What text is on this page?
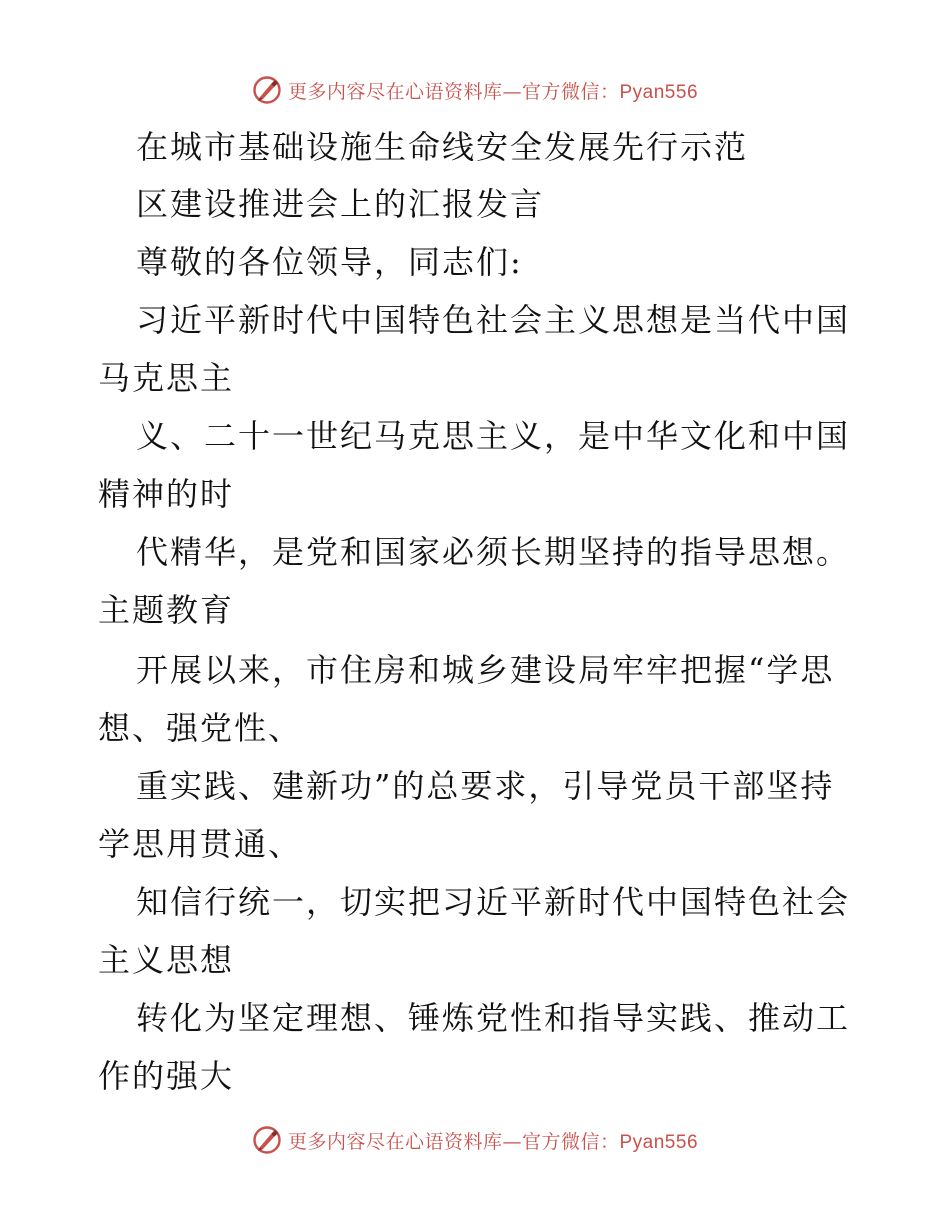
更多内容尽在心语资料库—官方微信：Pyan556
在城市基础设施生命线安全发展先行示范
区建设推进会上的汇报发言
尊敬的各位领导，同志们:
习近平新时代中国特色社会主义思想是当代中国
马克思主
义、二十一世纪马克思主义，是中华文化和中国
精神的时
代精华，是党和国家必须长期坚持的指导思想。
主题教育
开展以来，市住房和城乡建设局牢牢把握“学思
想、强党性、
重实践、建新功”的总要求，引导党员干部坚持
学思用贯通、
知信行统一，切实把习近平新时代中国特色社会
主义思想
转化为坚定理想、锤炼党性和指导实践、推动工
作的强大
更多内容尽在心语资料库—官方微信：Pyan556
